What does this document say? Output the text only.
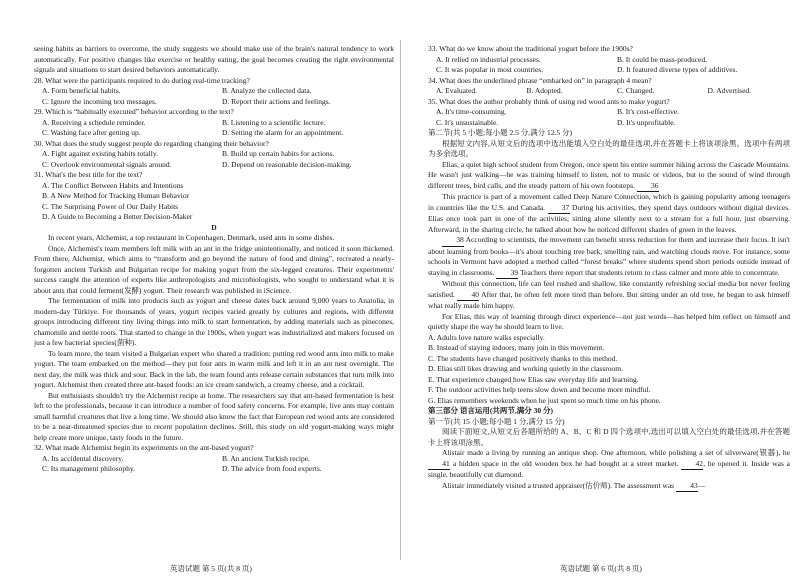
seeing habits as barriers to overcome, the study suggests we should make use of the brain's natural tendency to work automatically. For positive changes like exercise or healthy eating, the goal becomes creating the right environmental signals and situations to start desired behaviors automatically.

28. What were the participants required to do during real-time tracking?

A. Form beneficial habits.	B. Analyze the collected data.
C. Ignore the incoming text messages.	D. Report their actions and feelings.

29. Which is “habitually executed” behavior according to the text?

A. Receiving a schedule reminder.	B. Listening to a scientific lecture.
C. Washing face after getting up.	D. Setting the alarm for an appointment.

30. What does the study suggest people do regarding changing their behavior?

A. Fight against existing habits totally.	B. Build up certain habits for actions.
C. Overlook environmental signals around.	D. Depend on reasonable decision-making.

31. What's the best title for the text?

A. The Conflict Between Habits and Intentions

B. A New Method for Tracking Human Behavior

C. The Surprising Power of Our Daily Habits

D. A Guide to Becoming a Better Decision-Maker

D

In recent years, Alchemist, a top restaurant in Copenhagen, Denmark, used ants in some dishes.

Once, Alchemist's team members left milk with an ant in the fridge unintentionally, and noticed it soon thickened. From there, Alchemist, which aims to “transform and go beyond the nature of food and dining”, recreated a nearly-forgotten ancient Turkish and Bulgarian recipe for making yogurt from the six-legged creatures. Their experiments' success caught the attention of experts like anthropologists and microbiologists, who sought to understand what it is about ants that could ferment(发酵) yogurt. Their research was published in iScience.

The fermentation of milk into products such as yogurt and cheese dates back around 9,000 years to Anatolia, in modern-day Türkiye. For thousands of years, yogurt recipes varied greatly by cultures and regions, with different groups introducing different tiny living things into milk to start fermentation, by adding materials such as pinecones, chamomile and nettle roots. That started to change in the 1900s, when yogurt was industrialized and makers focused on just a few bacterial species(菌种).

To learn more, the team visited a Bulgarian expert who shared a tradition: putting red wood ants into milk to make yogurt. The team embarked on the method—they put four ants in warm milk and left it in an ant nest overnight. The next day, the milk was thick and sour. Back in the lab, the team found ants release certain substances that turn milk into yogurt. Alchemist then created three ant-based foods: an ice cream sandwich, a creamy cheese, and a cocktail.

But enthusiasts shouldn't try the Alchemist recipe at home. The researchers say that ant-based fermentation is best left to the professionals, because it can introduce a number of food safety concerns. For example, live ants may contain small harmful creatures that live a long time. We should also know the fact that European red wood ants are considered to be a near-threatened species due to recent population declines. Still, this study on old yogurt-making ways might help create more unique, tasty foods in the future.

32. What made Alchemist begin its experiments on the ant-based yogurt?

A. Its accidental discovery.	B. An ancient Turkish recipe.
C. Its management philosophy.	D. The advice from food experts.

33. What do we know about the traditional yogurt before the 1900s?

A. It relied on industrial processes.	B. It could be mass-produced.
C. It was popular in most countries.	D. It featured diverse types of additives.

34. What does the underlined phrase “embarked on” in paragraph 4 mean?

A. Evaluated.	B. Adopted.	C. Changed.	D. Advertised.

35. What does the author probably think of using red wood ants to make yogurt?

A. It's time-consuming.	B. It's cost-effective.
C. It's unsustainable.	D. It's unprofitable.

第二节(共 5 小题;每小题 2.5 分,满分 12.5 分)

根据短文内容,从短文后的选项中选出能填入空白处的最佳选项,并在答题卡上将该项涂黑。选项中有两项为多余选项。

Elias, a quiet high school student from Oregon, once spent his entire summer hiking across the Cascade Mountains. He wasn't just walking—he was training himself to listen, not to music or videos, but to the sound of wind through different trees, bird calls, and the steady pattern of his own footsteps. 36

This practice is part of a movement called Deep Nature Connection, which is gaining popularity among teenagers in countries like the U.S. and Canada. 37 During his activities, they spend days outdoors without digital devices. Elias once took part in one of the activities; sitting alone silently next to a stream for a full hour, just observing. Afterward, in the sharing circle, he talked about how he noticed different shades of green in the leaves.

38 According to scientists, the movement can benefit stress reduction for them and increase their focus. It isn't about learning from books—it's about touching tree bark, smelling rain, and watching clouds move. For instance, some schools in Vermont have adopted a method called “forest breaks” where students spend short periods outside instead of staying in classrooms. 39 Teachers there report that students return to class calmer and more able to concentrate.

Without this connection, life can feel rushed and shallow, like constantly refreshing social media but never feeling satisfied. 40 After that, he often felt more tired than before. But sitting under an old tree, he began to ask himself what really made him happy.

For Elias, this way of learning through direct experience—not just words—has helped him reflect on himself and quietly shape the way he should learn to live.

A. Adults love nature walks especially.

B. Instead of staying indoors, many join in this movement.

C. The students have changed positively thanks to this method.

D. Elias still likes drawing and working quietly in the classroom.

E. That experience changed how Elias saw everyday life and learning.

F. The outdoor activities help teens slow down and become more mindful.

G. Elias remembers weekends when he just spent so much time on his phone.

第三部分 语言运用(共两节,满分 30 分)

第一节(共 15 小题;每小题 1 分,满分 15 分)

阅读下面短文,从短文后各题所给的 A、B、C 和 D 四个选项中,选出可以填入空白处的最佳选项,并在答题卡上将该项涂黑。

Alistair made a living by running an antique shop. One afternoon, while polishing a set of silverware(银器), he 41 a hidden space in the old wooden box he had bought at a street market. 42, he opened it. Inside was a single, beautifully cut diamond.

Alistair immediately visited a trusted appraiser(估价师). The assessment was 43—

英语试题 第 5 页(共 8 页)	英语试题 第 6 页(共 8 页)
